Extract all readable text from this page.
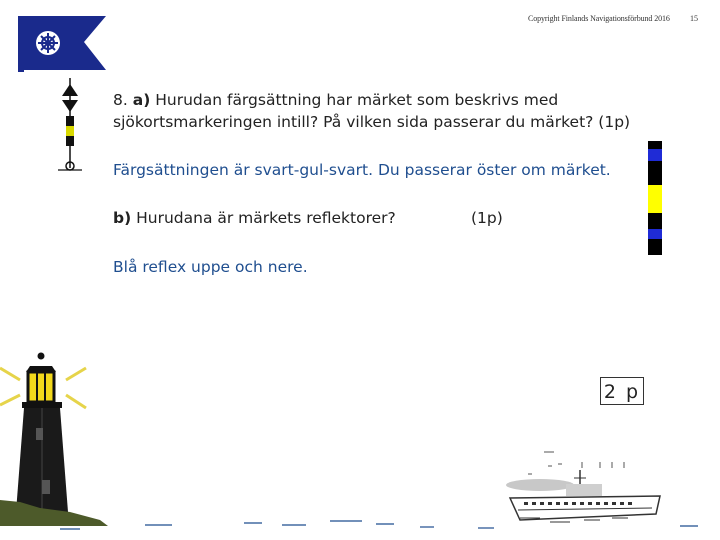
Copyright Finlands Navigationsförbund 2016	15
8. a) Hurudan färgsättning har märket som beskrivs med sjökortsmarkeringen intill? På vilken sida passerar du märket? (1p)
Färgsättningen är svart-gul-svart. Du passerar öster om märket.
b) Hurudana är märkets reflektorer?	(1p)
Blå reflex uppe och nere.
2 p
